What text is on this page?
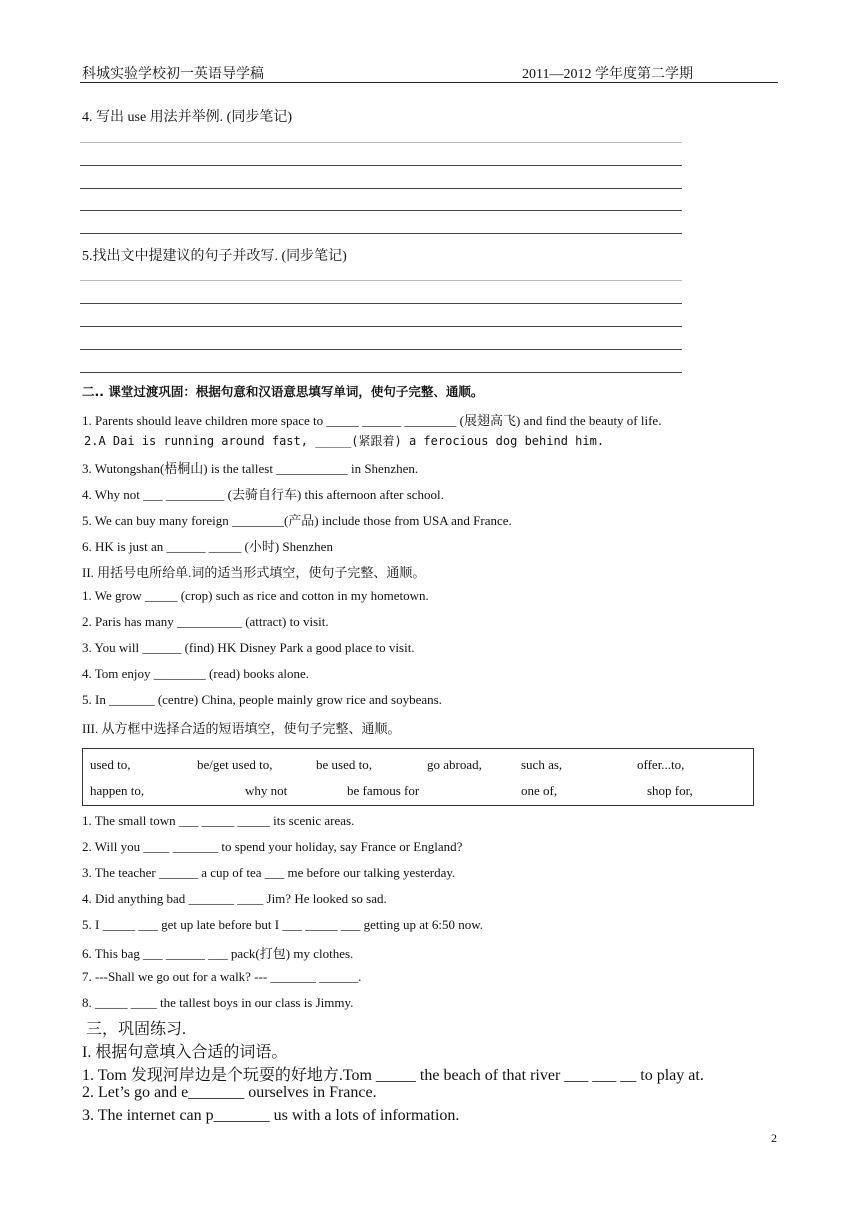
科城实验学校初一英语导学稿	2011—2012 学年度第二学期
4. 写出 use 用法并举例. (同步笔记)
5.找出文中提建议的句子并改写. (同步笔记)
二.. 课堂过渡巩固：根据句意和汉语意思填写单词，使句子完整、通顺。
1. Parents should leave children more space to _____ ______ ________ (展翅高飞) and find the beauty of life.
2.A Dai is running around fast, _____(紧跟着) a ferocious dog behind him.
3. Wutongshan(梧桐山) is the tallest ___________ in Shenzhen.
4. Why not ___ _________ (去骑自行车) this afternoon after school.
5. We can buy many foreign ________(产品) include those from USA and France.
6. HK is just an ______ _____ (小时) Shenzhen
II. 用括号电所给单.词的适当形式填空，使句子完整、通顺。
1. We grow _____ (crop) such as rice and cotton in my hometown.
2. Paris has many __________ (attract) to visit.
3. You will ______ (find) HK Disney Park a good place to visit.
4. Tom enjoy ________ (read) books alone.
5. In _______ (centre) China, people mainly grow rice and soybeans.
III. 从方框中选择合适的短语填空，使句子完整、通顺。
used to,	be/get used to,	be used to,	go abroad,	such as,	offer...to,
happen to,	why not	be famous for	one of,	shop for,
1. The small town ___ _____ _____ its scenic areas.
2. Will you ____ _______ to spend your holiday, say France or England?
3. The teacher ______ a cup of tea ___ me before our talking yesterday.
4. Did anything bad _______ ____ Jim? He looked so sad.
5. I _____ ___ get up late before but I ___ _____ ___ getting up at 6:50 now.
6. This bag ___ ______ ___ pack(打包) my clothes.
7. ---Shall we go out for a walk? --- _______ ______.
8. _____ ____ the tallest boys in our class is Jimmy.
三，巩固练习.
I. 根据句意填入合适的词语。
1. Tom 发现河岸边是个玩耍的好地方.Tom _____ the beach of that river ___ ___ __ to play at.
2. Let’s go and e_______ ourselves in France.
3. The internet can p_______ us with a lots of information.
2
